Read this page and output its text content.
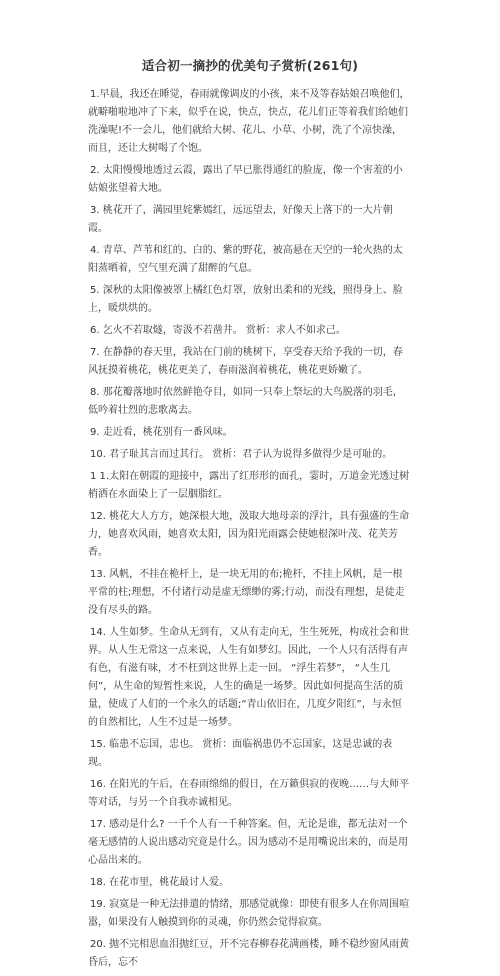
适合初一摘抄的优美句子赏析(261句)

1.早晨，我还在睡觉，春雨就像调皮的小孩，来不及等春姑娘召唤他们，就噼啪啦地冲了下来，似乎在说，快点，快点，花儿们正等着我们给她们洗澡呢!不一会儿，他们就给大树、花儿、小草、小树，洗了个凉快澡，而且，还让大树喝了个饱。

2. 太阳慢慢地透过云霞，露出了早已胀得通红的脸庞，像一个害羞的小姑娘张望着大地。

3. 桃花开了，满园里姹紫嫣红，远远望去，好像天上落下的一大片朝霞。

4. 青草、芦苇和红的、白的、紫的野花，被高悬在天空的一轮火热的太阳蒸晒着，空气里充满了甜醉的气息。

5. 深秋的太阳像被罩上橘红色灯罩，放射出柔和的光线，照得身上、脸上，暖烘烘的。

6. 乞火不若取燧，寄汲不若凿井。 赏析：求人不如求己。

7. 在静静的春天里，我站在门前的桃树下，享受春天给予我的一切，春风抚摸着桃花，桃花更美了，春雨滋润着桃花，桃花更娇嫩了。

8. 那花瓣落地时依然鲜艳夺目，如同一只奉上祭坛的大鸟脱落的羽毛，低吟着壮烈的悲歌离去。

9. 走近看，桃花别有一番风味。

10. 君子耻其言而过其行。 赏析：君子认为说得多做得少是可耻的。

1 1.太阳在朝霞的迎接中，露出了红形形的面孔，霎时，万道金光透过树梢洒在水面染上了一层胭脂红。

12. 桃花大人方方，她深根大地，汲取大地母亲的浮汁，具有强盛的生命力，她喜欢风雨，她喜欢太阳，因为阳光雨露会使她根深叶茂、花芙芳香。

13. 风帆，不挂在桅杆上，是一块无用的布;桅杆，不挂上风帆，是一根平常的柱;理想，不付诸行动是虚无缥缈的雾;行动，而没有理想，是徒走没有尽头的路。

14. 人生如梦。生命从无到有，又从有走向无，生生死死，构成社会和世界。从人生无常这一点来说，人生有如梦幻。因此，一个人只有活得有声有色，有滋有味，才不枉到这世界上走一回。 “浮生若梦”， “人生几何”，从生命的短暂性来说，人生的确是一场梦。因此如何提高生活的质量，使成了人们的一个永久的话题;“青山依旧在，几度夕阳红”，与永恒的自然相比，人生不过是一场梦。

15. 临患不忘国，忠也。 赏析：面临祸患仍不忘国家，这是忠诚的表现。

16. 在阳光的午后，在春雨绵绵的假日，在万籁俱寂的夜晚……与大师平等对话，与另一个自我赤诚相见。

17. 感动是什么? 一千个人有一千种答案。但，无论是谁，都无法对一个毫无感情的人说出感动究竟是什么。因为感动不是用嘴说出来的，而是用心品出来的。

18. 在花市里，桃花最讨人爱。

19. 寂寞是一种无法排遣的情绪，那感觉就像：即使有很多人在你周围喧嚣，如果没有人触摸到你的灵魂，你仍然会觉得寂寞。

20. 抛不完相思血泪抛红豆，开不完春柳春花满画楼，睡不稳纱窗风雨黄昏后，忘不
